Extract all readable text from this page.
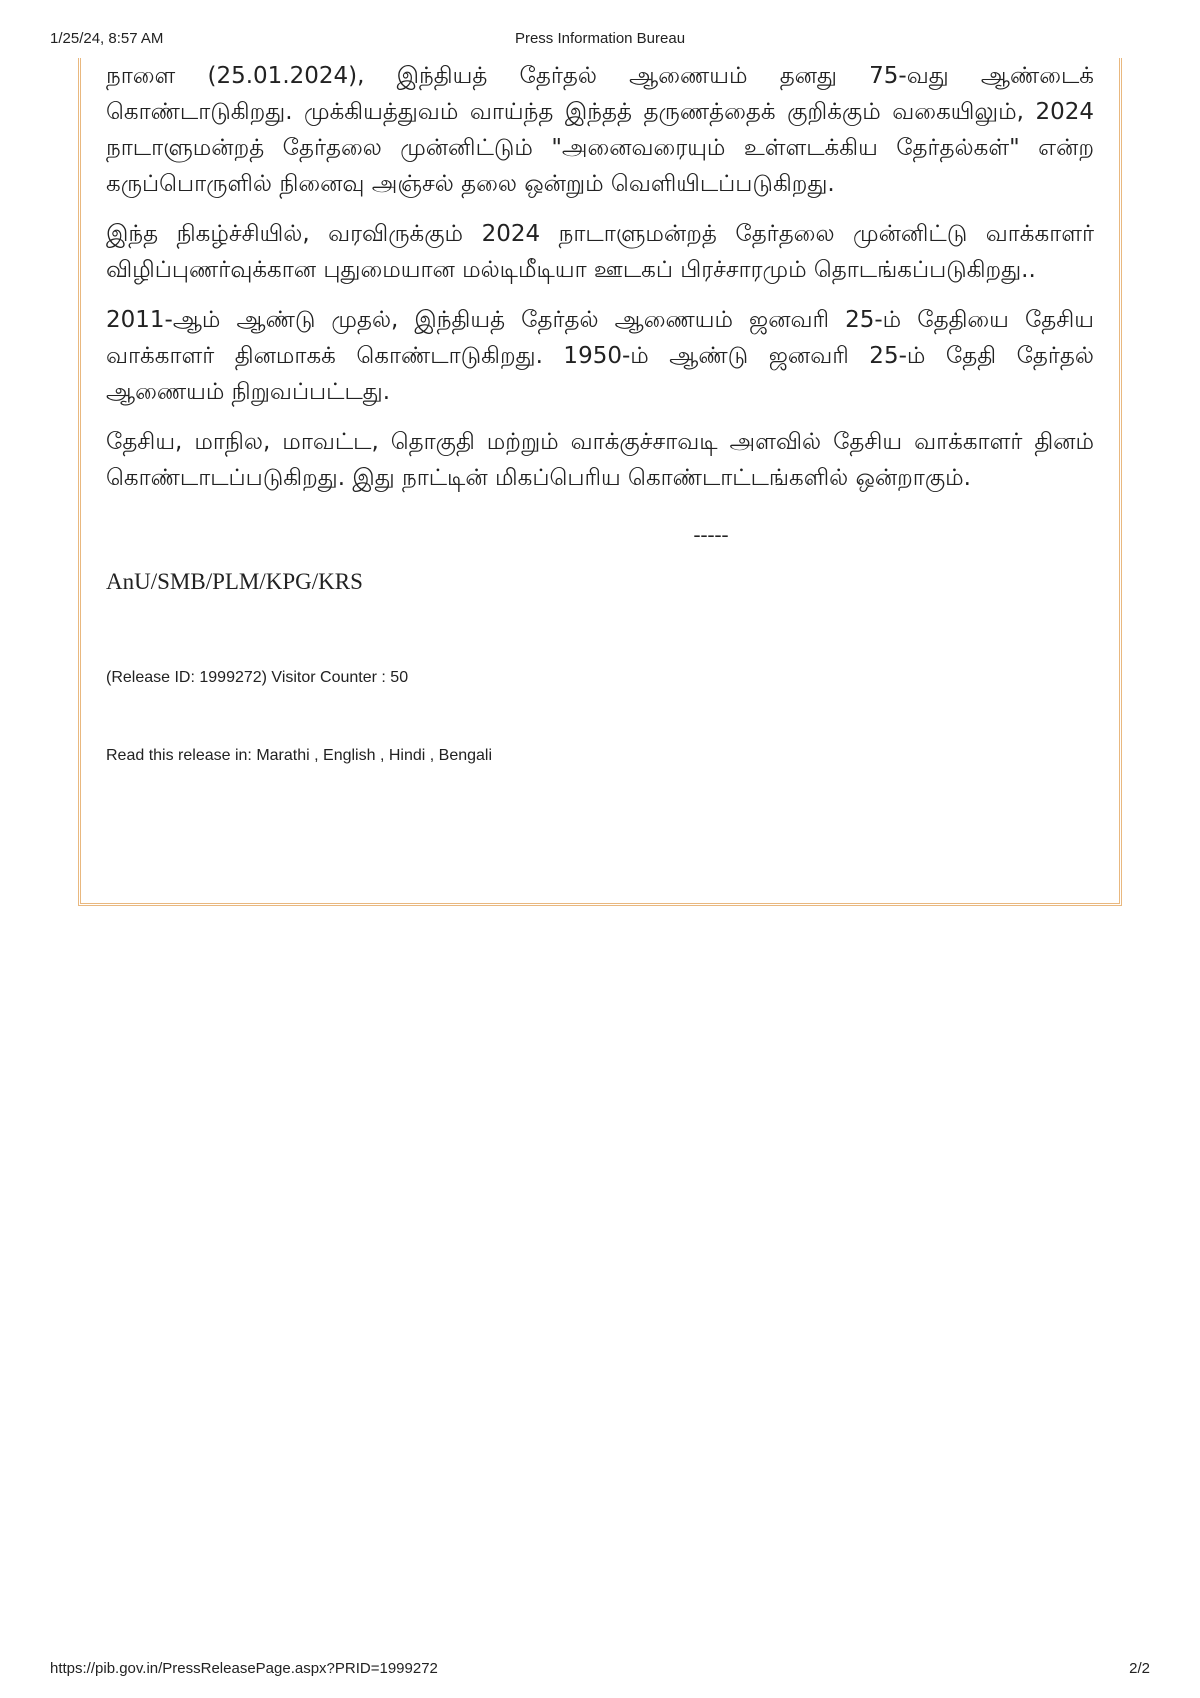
1/25/24, 8:57 AM	Press Information Bureau

நாளை (25.01.2024), இந்தியத் தேர்தல் ஆணையம் தனது 75-வது ஆண்டைக் கொண்டாடுகிறது. முக்கியத்துவம் வாய்ந்த இந்தத் தருணத்தைக் குறிக்கும் வகையிலும், 2024 நாடாளுமன்றத் தேர்தலை முன்னிட்டும் "அனைவரையும் உள்ளடக்கிய தேர்தல்கள்" என்ற கருப்பொருளில் நினைவு அஞ்சல் தலை ஒன்றும் வெளியிடப்படுகிறது.

இந்த நிகழ்ச்சியில், வரவிருக்கும் 2024 நாடாளுமன்றத் தேர்தலை முன்னிட்டு வாக்காளர் விழிப்புணர்வுக்கான புதுமையான மல்டிமீடியா ஊடகப் பிரச்சாரமும் தொடங்கப்படுகிறது..

2011-ஆம் ஆண்டு முதல், இந்தியத் தேர்தல் ஆணையம் ஜனவரி 25-ம் தேதியை தேசிய வாக்காளர் தினமாகக் கொண்டாடுகிறது. 1950-ம் ஆண்டு ஜனவரி 25-ம் தேதி தேர்தல் ஆணையம் நிறுவப்பட்டது.

தேசிய, மாநில, மாவட்ட, தொகுதி மற்றும் வாக்குச்சாவடி அளவில் தேசிய வாக்காளர் தினம் கொண்டாடப்படுகிறது. இது நாட்டின் மிகப்பெரிய கொண்டாட்டங்களில் ஒன்றாகும்.

-----
AnU/SMB/PLM/KPG/KRS
(Release ID: 1999272) Visitor Counter : 50
Read this release in: Marathi , English , Hindi , Bengali
https://pib.gov.in/PressReleasePage.aspx?PRID=1999272	2/2
